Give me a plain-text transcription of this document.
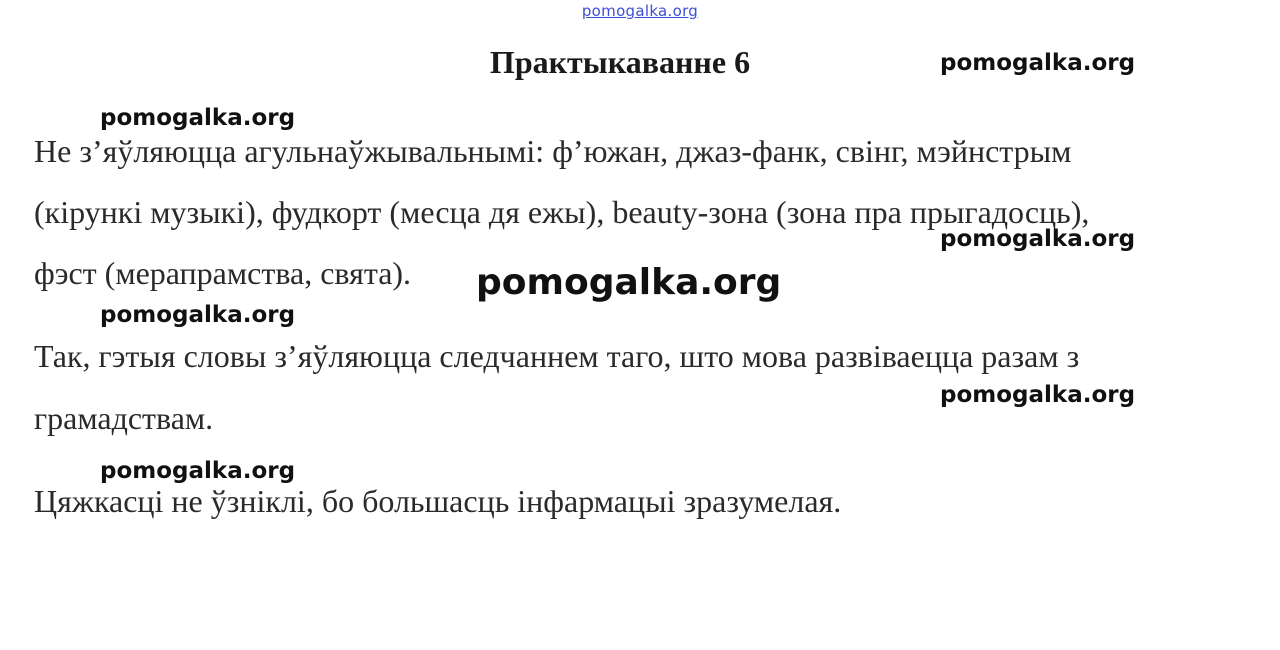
pomogalka.org
Практыкаванне 6
Не з’яўляюцца агульнаўжывальнымі: ф’южан, джаз-фанк, свінг, мэйнстрым
(кірункі музыкі), фудкорт (месца дя ежы), beauty-зона (зона пра прыгадосць),
фэст (мерапрамства, свята).
Так, гэтыя словы з’яўляюцца следчаннем таго, што мова развіваецца разам з
грамадствам.
Цяжкасці не ўзніклі, бо большасць інфармацыі зразумелая.
pomogalka.org
pomogalka.org
pomogalka.org
pomogalka.org
pomogalka.org
pomogalka.org
pomogalka.org
